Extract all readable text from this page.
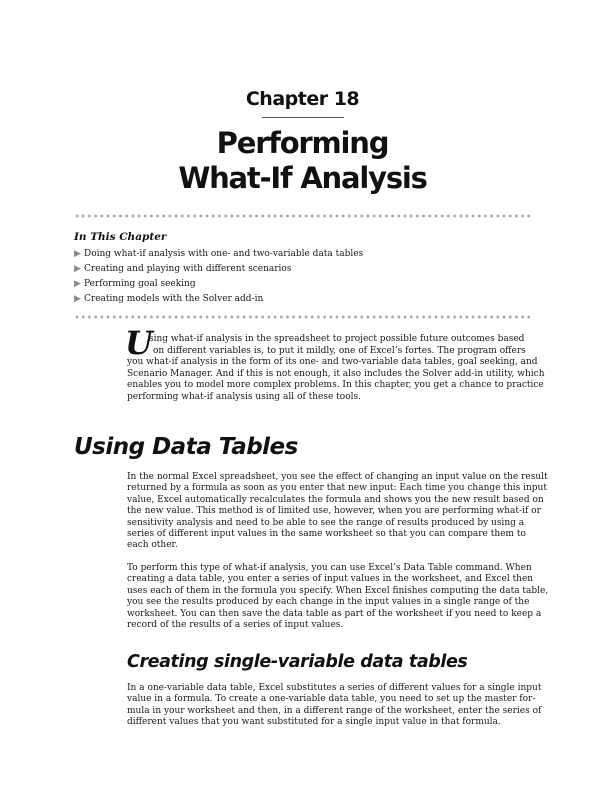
Chapter 18
Performing
What-If Analysis
In This Chapter
▶ Doing what-if analysis with one- and two-variable data tables
▶ Creating and playing with different scenarios
▶ Performing goal seeking
▶ Creating models with the Solver add-in
U
sing what-if analysis in the spreadsheet to project possible future outcomes based
on different variables is, to put it mildly, one of Excel’s fortes. The program offers
you what-if analysis in the form of its one- and two-variable data tables, goal seeking, and
Scenario Manager. And if this is not enough, it also includes the Solver add-in utility, which
enables you to model more complex problems. In this chapter, you get a chance to practice
performing what-if analysis using all of these tools.
Using Data Tables
In the normal Excel spreadsheet, you see the effect of changing an input value on the result
returned by a formula as soon as you enter that new input: Each time you change this input
value, Excel automatically recalculates the formula and shows you the new result based on
the new value. This method is of limited use, however, when you are performing what-if or
sensitivity analysis and need to be able to see the range of results produced by using a
series of different input values in the same worksheet so that you can compare them to
each other.
To perform this type of what-if analysis, you can use Excel’s Data Table command. When
creating a data table, you enter a series of input values in the worksheet, and Excel then
uses each of them in the formula you specify. When Excel finishes computing the data table,
you see the results produced by each change in the input values in a single range of the
worksheet. You can then save the data table as part of the worksheet if you need to keep a
record of the results of a series of input values.
Creating single-variable data tables
In a one-variable data table, Excel substitutes a series of different values for a single input
value in a formula. To create a one-variable data table, you need to set up the master for-
mula in your worksheet and then, in a different range of the worksheet, enter the series of
different values that you want substituted for a single input value in that formula.
